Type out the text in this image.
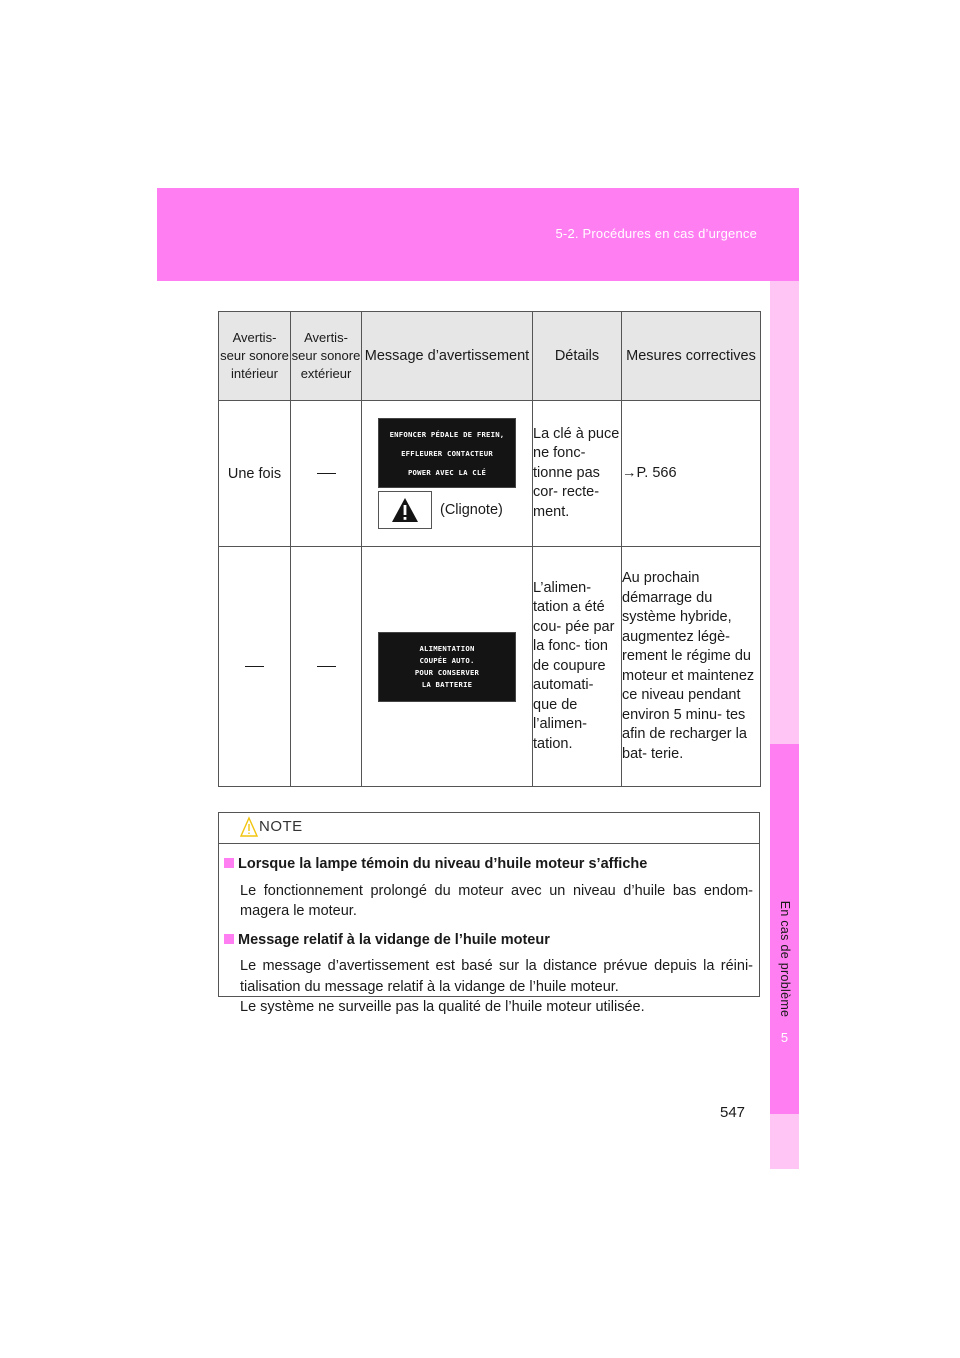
5-2. Procédures en cas d’urgence
5
En cas de problème
Avertis- seur sonore intérieur	Avertis- seur sonore extérieur	Message d’avertissement	Détails	Mesures correctives
Une fois		ENFONCER PÉDALE DE FREIN,
EFFLEURER CONTACTEUR
POWER AVEC LA CLÉ
(Clignote)	La clé à puce ne fonc- tionne pas cor- recte- ment.	→P. 566

		ALIMENTATION
COUPÉE AUTO.
POUR CONSERVER
LA BATTERIE	L’alimen- tation a été cou- pée par la fonc- tion de coupure automati- que de l’alimen- tation.	Au prochain démarrage du système hybride, augmentez légè- rement le régime du moteur et maintenez ce niveau pendant environ 5 minu- tes afin de recharger la bat- terie.
NOTE
Lorsque la lampe témoin du niveau d’huile moteur s’affiche
Le fonctionnement prolongé du moteur avec un niveau d’huile bas endom- magera le moteur.
Message relatif à la vidange de l’huile moteur
Le message d’avertissement est basé sur la distance prévue depuis la réini- tialisation du message relatif à la vidange de l’huile moteur.
Le système ne surveille pas la qualité de l’huile moteur utilisée.
547
